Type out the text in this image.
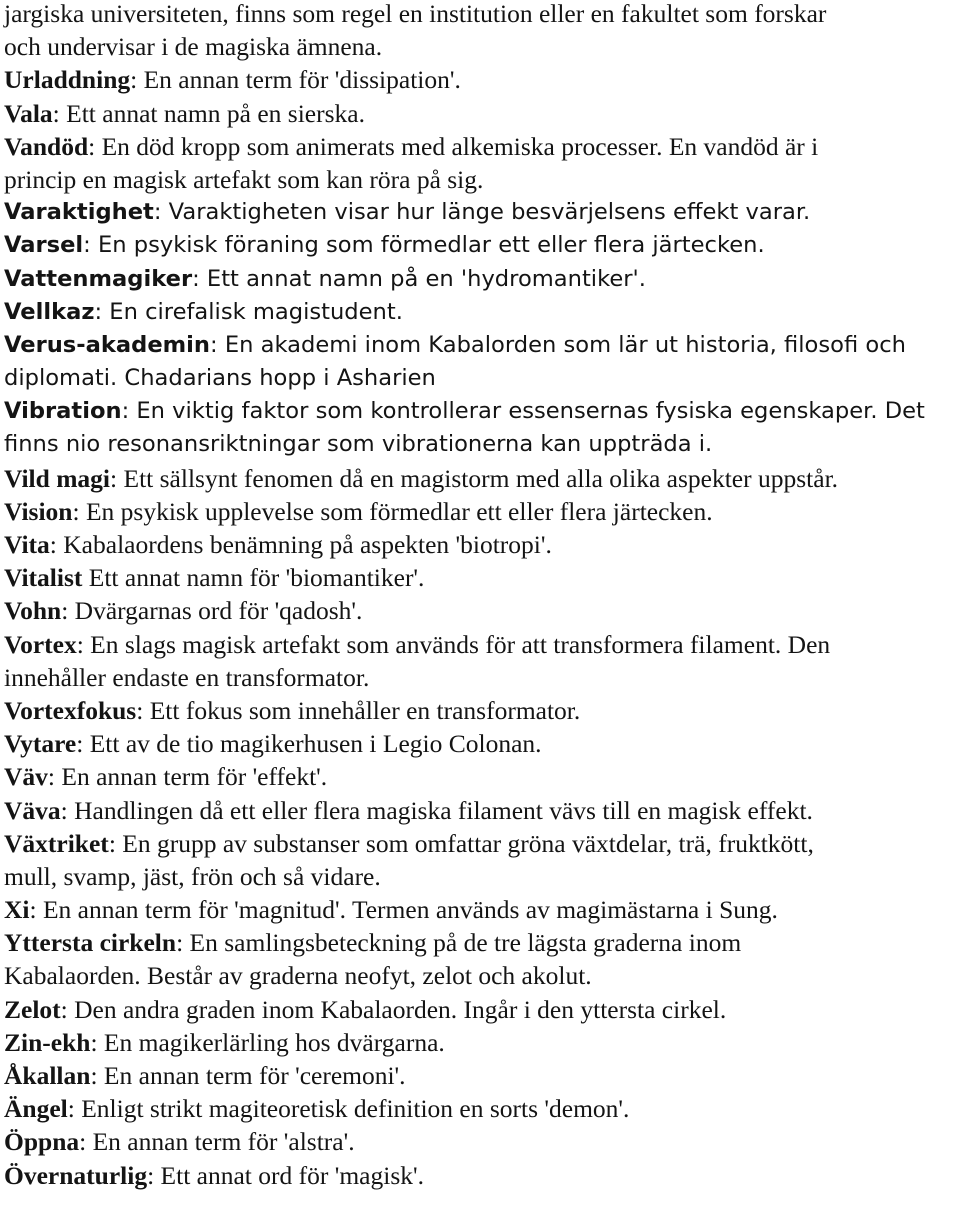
jargiska universiteten, finns som regel en institution eller en fakultet som forskar
och undervisar i de magiska ämnena.
Urladdning: En annan term för 'dissipation'.
Vala: Ett annat namn på en sierska.
Vandöd: En död kropp som animerats med alkemiska processer. En vandöd är i
princip en magisk artefakt som kan röra på sig.
Varaktighet: Varaktigheten visar hur länge besvärjelsens effekt varar.
Varsel: En psykisk föraning som förmedlar ett eller flera järtecken.
Vattenmagiker: Ett annat namn på en 'hydromantiker'.
Vellkaz: En cirefalisk magistudent.
Verus-akademin: En akademi inom Kabalorden som lär ut historia, filosofi och
diplomati. Chadarians hopp i Asharien
Vibration: En viktig faktor som kontrollerar essensernas fysiska egenskaper. Det
finns nio resonansriktningar som vibrationerna kan uppträda i.
Vild magi: Ett sällsynt fenomen då en magistorm med alla olika aspekter uppstår.
Vision: En psykisk upplevelse som förmedlar ett eller flera järtecken.
Vita: Kabalaordens benämning på aspekten 'biotropi'.
Vitalist Ett annat namn för 'biomantiker'.
Vohn: Dvärgarnas ord för 'qadosh'.
Vortex: En slags magisk artefakt som används för att transformera filament. Den
innehåller endaste en transformator.
Vortexfokus: Ett fokus som innehåller en transformator.
Vytare: Ett av de tio magikerhusen i Legio Colonan.
Väv: En annan term för 'effekt'.
Väva: Handlingen då ett eller flera magiska filament vävs till en magisk effekt.
Växtriket: En grupp av substanser som omfattar gröna växtdelar, trä, fruktkött,
mull, svamp, jäst, frön och så vidare.
Xi: En annan term för 'magnitud'. Termen används av magimästarna i Sung.
Yttersta cirkeln: En samlingsbeteckning på de tre lägsta graderna inom
Kabalaorden. Består av graderna neofyt, zelot och akolut.
Zelot: Den andra graden inom Kabalaorden. Ingår i den yttersta cirkel.
Zin-ekh: En magikerlärling hos dvärgarna.
Åkallan: En annan term för 'ceremoni'.
Ängel: Enligt strikt magiteoretisk definition en sorts 'demon'.
Öppna: En annan term för 'alstra'.
Övernaturlig: Ett annat ord för 'magisk'.
